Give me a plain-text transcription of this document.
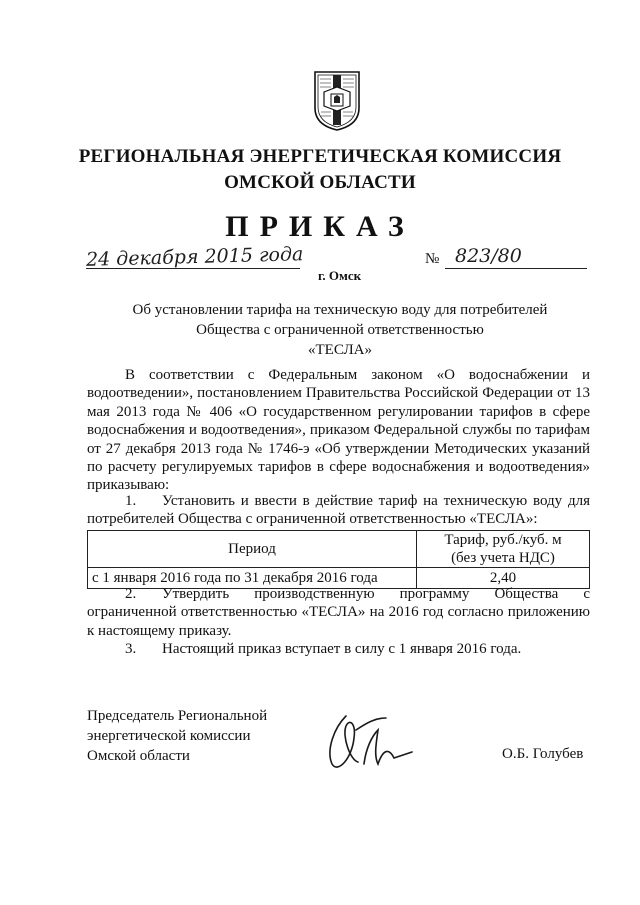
РЕГИОНАЛЬНАЯ ЭНЕРГЕТИЧЕСКАЯ КОМИССИЯ
ОМСКОЙ ОБЛАСТИ
ПРИКАЗ
24 декабря 2015 года
г. Омск
№ 823/80
Об установлении тарифа на техническую воду для потребителей
Общества с ограниченной ответственностью
«ТЕСЛА»
В соответствии с Федеральным законом «О водоснабжении и водоотведении», постановлением Правительства Российской Федерации от 13 мая 2013 года № 406 «О государственном регулировании тарифов в сфере водоснабжения и водоотведения», приказом Федеральной службы по тарифам от 27 декабря 2013 года № 1746-э «Об утверждении Методических указаний по расчету регулируемых тарифов в сфере водоснабжения и водоотведения» приказываю:
1. Установить и ввести в действие тариф на техническую воду для потребителей Общества с ограниченной ответственностью «ТЕСЛА»:
Период	Тариф, руб./куб. м
(без учета НДС)

с 1 января 2016 года по 31 декабря 2016 года	2,40
2. Утвердить производственную программу Общества с ограниченной ответственностью «ТЕСЛА» на 2016 год согласно приложению к настоящему приказу.
3. Настоящий приказ вступает в силу с 1 января 2016 года.
Председатель Региональной
энергетической комиссии
Омской области	О.Б. Голубев
